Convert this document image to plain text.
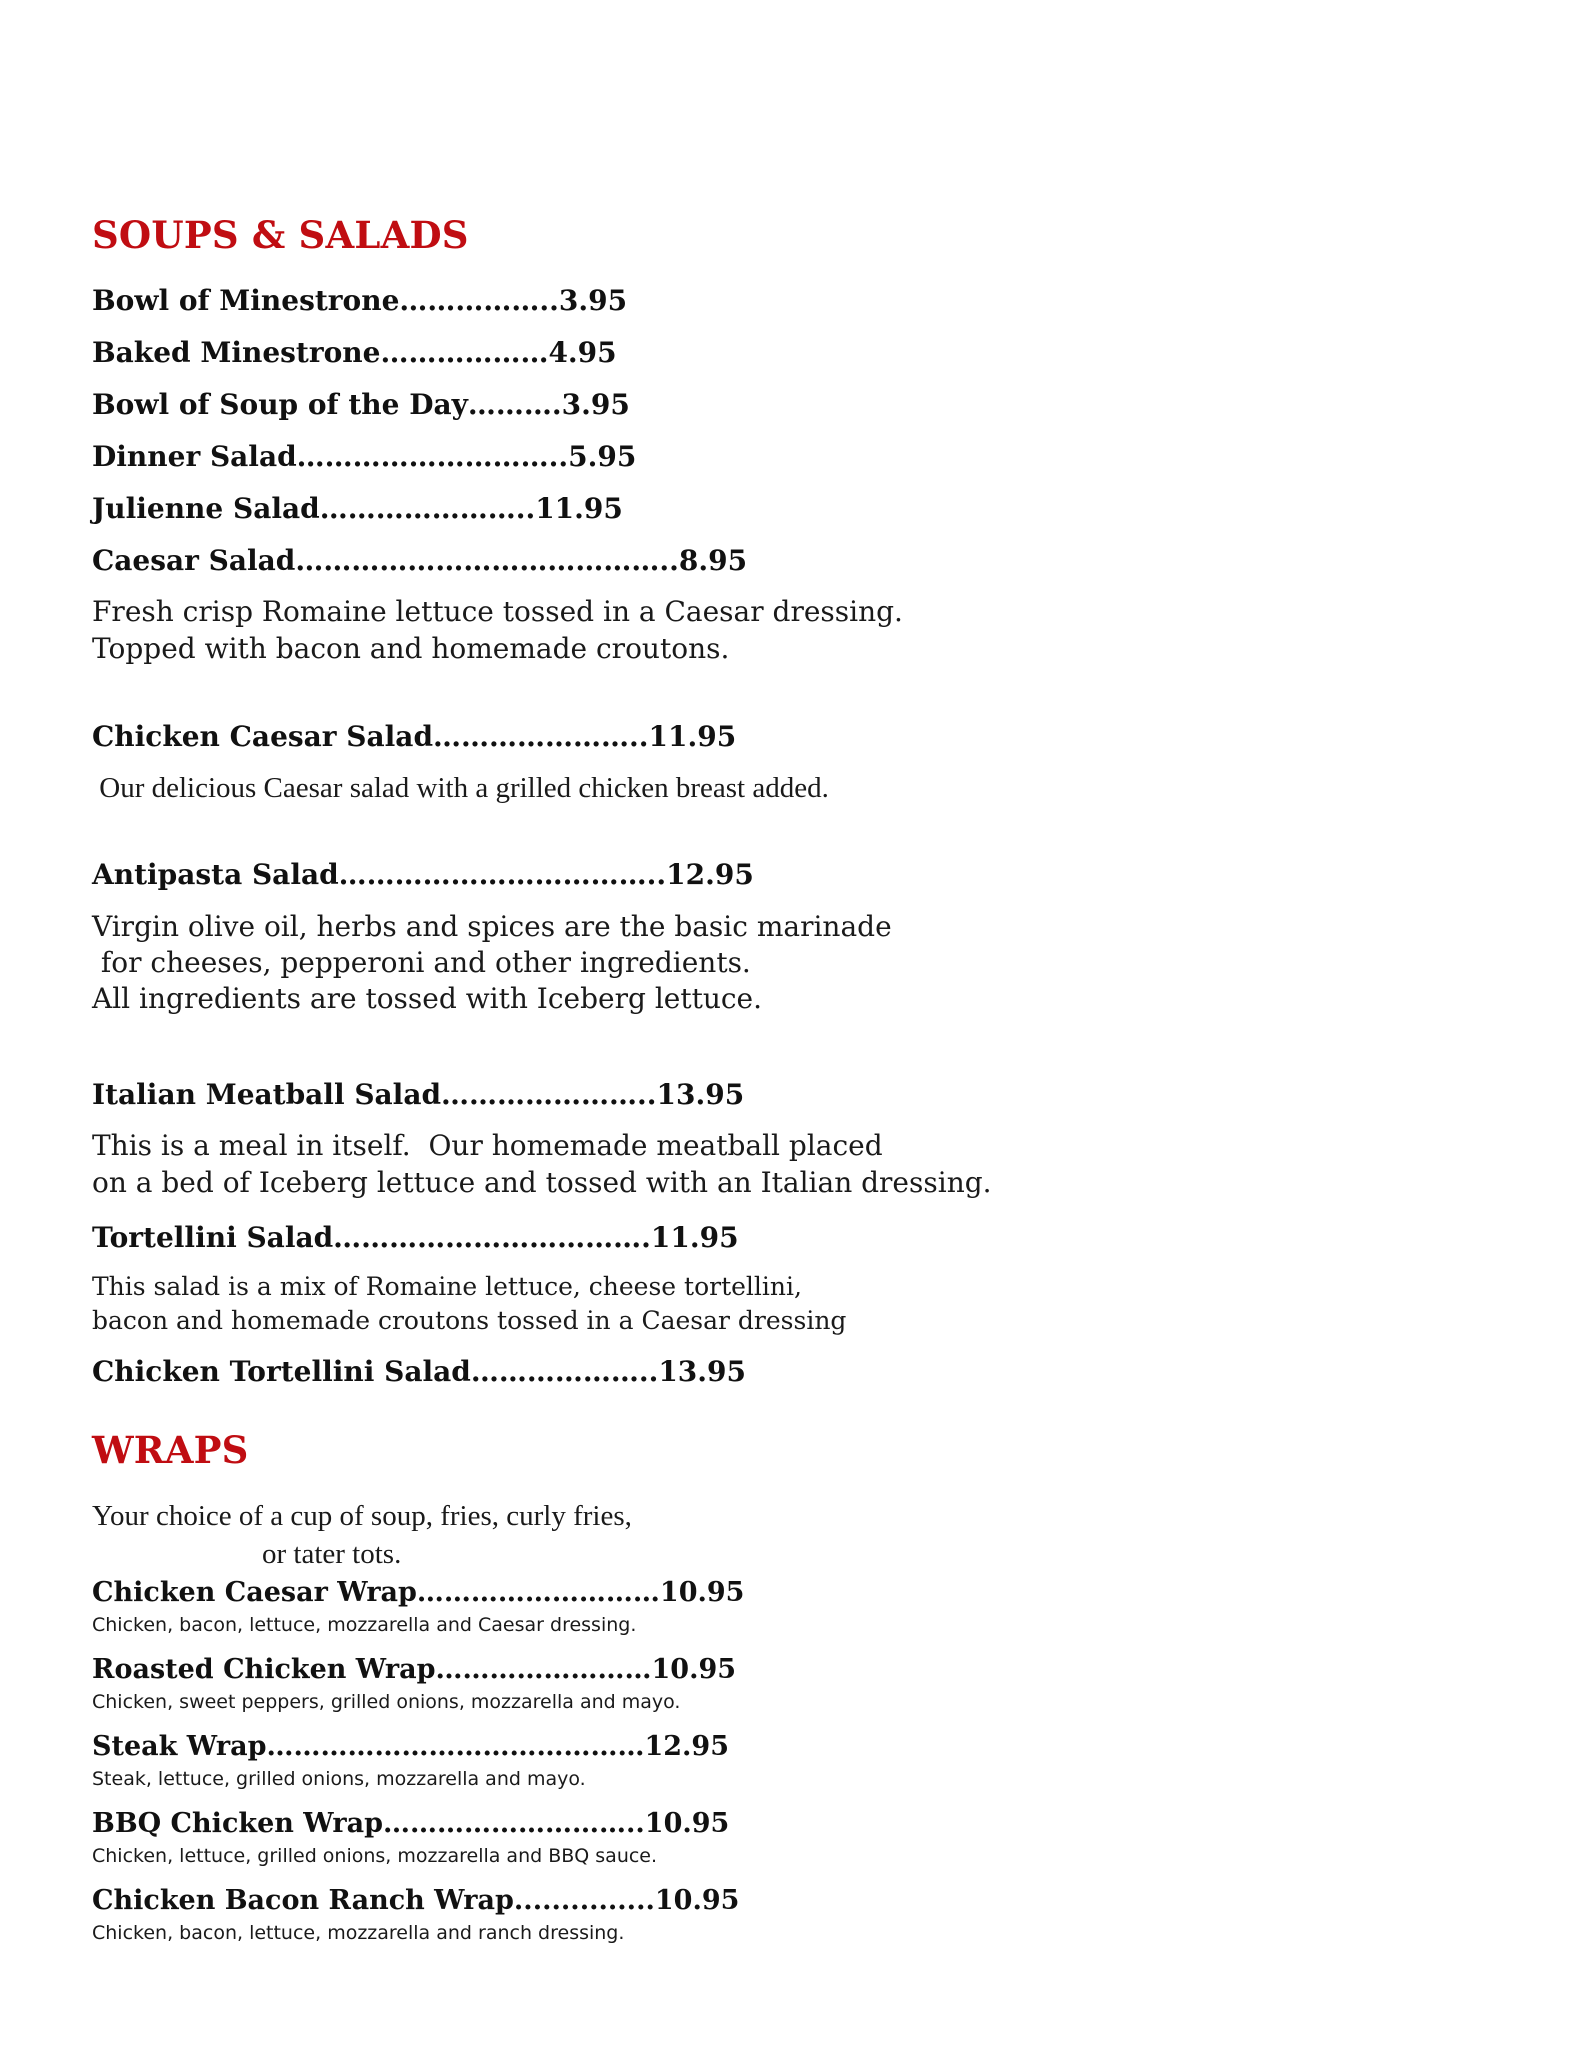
SOUPS & SALADS
Bowl of Minestrone……………..3.95
Baked Minestrone………………4.95
Bowl of Soup of the Day……….3.95
Dinner Salad………………………..5.95
Julienne Salad…………………..11.95
Caesar Salad…………………………………..8.95
Fresh crisp Romaine lettuce tossed in a Caesar dressing.
Topped with bacon and homemade croutons.
Chicken Caesar Salad…………………..11.95
Our delicious Caesar salad with a grilled chicken breast added.
Antipasta Salad……………………………..12.95
Virgin olive oil, herbs and spices are the basic marinade
for cheeses, pepperoni and other ingredients.
All ingredients are tossed with Iceberg lettuce.
Italian Meatball Salad…………………..13.95
This is a meal in itself.  Our homemade meatball placed
on a bed of Iceberg lettuce and tossed with an Italian dressing.
Tortellini Salad…………………………….11.95
This salad is a mix of Romaine lettuce, cheese tortellini,
bacon and homemade croutons tossed in a Caesar dressing
Chicken Tortellini Salad………………..13.95
WRAPS
Your choice of a cup of soup, fries, curly fries,
or tater tots.
Chicken Caesar Wrap………………………10.95
Chicken, bacon, lettuce, mozzarella and Caesar dressing.
Roasted Chicken Wrap……………………10.95
Chicken, sweet peppers, grilled onions, mozzarella and mayo.
Steak Wrap……………………………………12.95
Steak, lettuce, grilled onions, mozzarella and mayo.
BBQ Chicken Wrap………………………..10.95
Chicken, lettuce, grilled onions, mozzarella and BBQ sauce.
Chicken Bacon Ranch Wrap...............10.95
Chicken, bacon, lettuce, mozzarella and ranch dressing.
